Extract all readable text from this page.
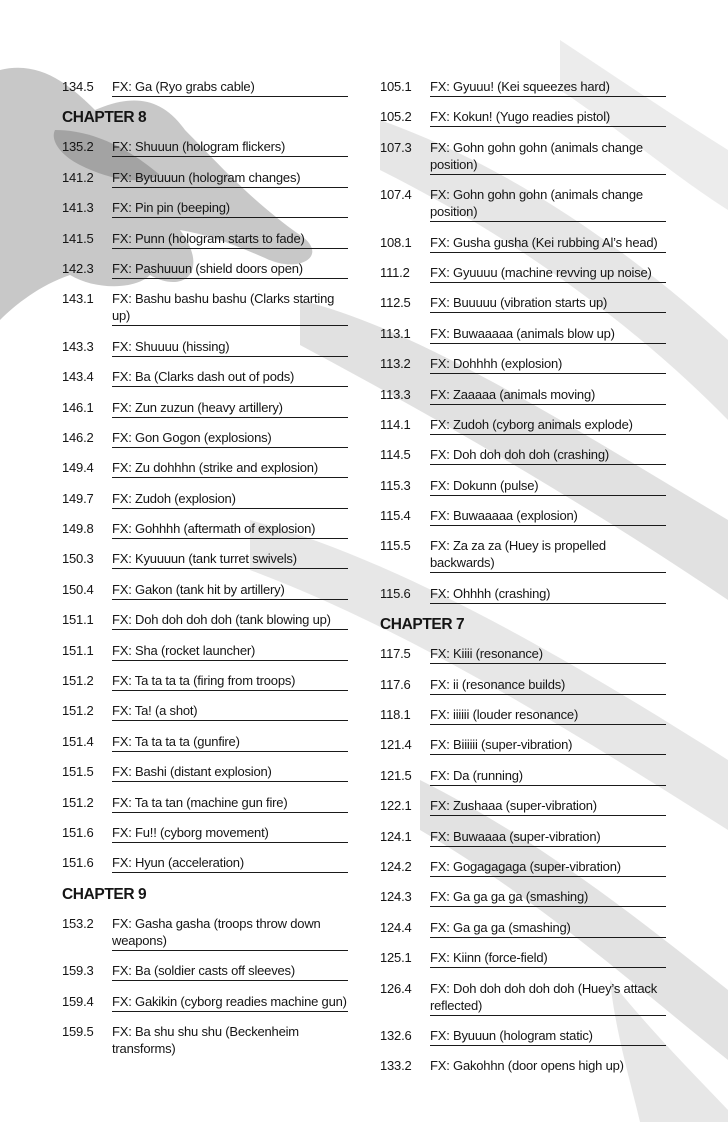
134.5	FX: Ga (Ryo grabs cable)
CHAPTER 8
135.2	FX: Shuuun (hologram flickers)
141.2	FX: Byuuuun (hologram changes)
141.3	FX: Pin pin (beeping)
141.5	FX: Punn (hologram starts to fade)
142.3	FX: Pashuuun (shield doors open)
143.1	FX: Bashu bashu bashu (Clarks starting up)
143.3	FX: Shuuuu (hissing)
143.4	FX: Ba (Clarks dash out of pods)
146.1	FX: Zun zuzun (heavy artillery)
146.2	FX: Gon Gogon (explosions)
149.4	FX: Zu dohhhn (strike and explosion)
149.7	FX: Zudoh (explosion)
149.8	FX: Gohhhh (aftermath of explosion)
150.3	FX: Kyuuuun (tank turret swivels)
150.4	FX: Gakon (tank hit by artillery)
151.1	FX: Doh doh doh doh (tank blowing up)
151.1	FX: Sha (rocket launcher)
151.2	FX: Ta ta ta ta (firing from troops)
151.2	FX: Ta! (a shot)
151.4	FX: Ta ta ta ta (gunfire)
151.5	FX: Bashi (distant explosion)
151.2	FX: Ta ta tan (machine gun fire)
151.6	FX: Fu!! (cyborg movement)
151.6	FX: Hyun (acceleration)
CHAPTER 9
153.2	FX: Gasha gasha (troops throw down weapons)
159.3	FX: Ba (soldier casts off sleeves)
159.4	FX: Gakikin (cyborg readies machine gun)
159.5	FX: Ba shu shu shu (Beckenheim transforms)
105.1	FX: Gyuuu! (Kei squeezes hard)
105.2	FX: Kokun! (Yugo readies pistol)
107.3	FX: Gohn gohn gohn (animals change position)
107.4	FX: Gohn gohn gohn (animals change position)
108.1	FX: Gusha gusha (Kei rubbing Al’s head)
111.2	FX: Gyuuuu (machine revving up noise)
112.5	FX: Buuuuu (vibration starts up)
113.1	FX: Buwaaaaa (animals blow up)
113.2	FX: Dohhhh (explosion)
113.3	FX: Zaaaaa (animals moving)
114.1	FX: Zudoh (cyborg animals explode)
114.5	FX: Doh doh doh doh (crashing)
115.3	FX: Dokunn (pulse)
115.4	FX: Buwaaaaa (explosion)
115.5	FX: Za za za (Huey is propelled backwards)
115.6	FX: Ohhhh (crashing)
CHAPTER 7
117.5	FX: Kiiii (resonance)
117.6	FX: ii (resonance builds)
118.1	FX: iiiiii (louder resonance)
121.4	FX: Biiiiii (super-vibration)
121.5	FX: Da (running)
122.1	FX: Zushaaa (super-vibration)
124.1	FX: Buwaaaa (super-vibration)
124.2	FX: Gogagagaga (super-vibration)
124.3	FX: Ga ga ga ga (smashing)
124.4	FX: Ga ga ga (smashing)
125.1	FX: Kiinn (force-field)
126.4	FX: Doh doh doh doh doh (Huey’s attack reflected)
132.6	FX: Byuuun (hologram static)
133.2	FX: Gakohhn (door opens high up)
